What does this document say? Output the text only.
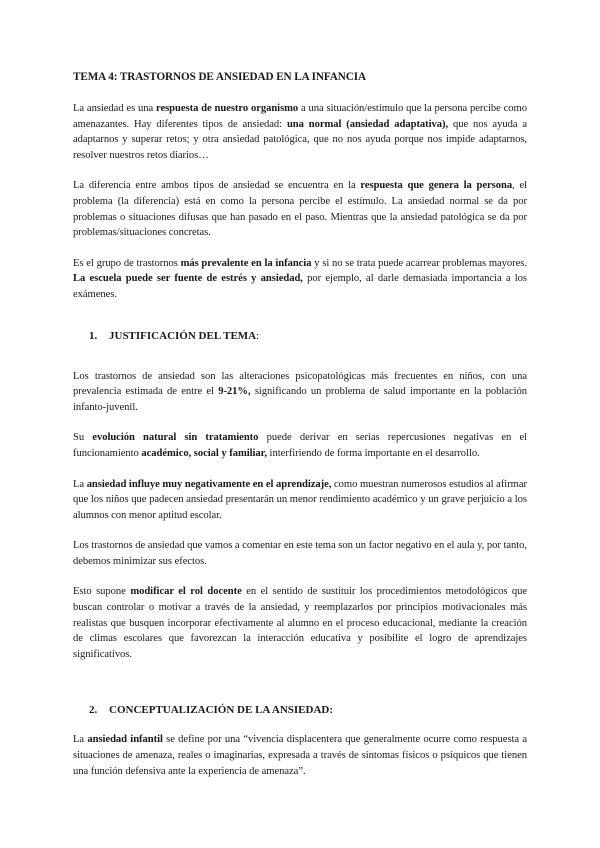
TEMA 4: TRASTORNOS DE ANSIEDAD EN LA INFANCIA

La ansiedad es una respuesta de nuestro organismo a una situación/estímulo que la persona percibe como amenazantes. Hay diferentes tipos de ansiedad: una normal (ansiedad adaptativa), que nos ayuda a adaptarnos y superar retos; y otra ansiedad patológica, que no nos ayuda porque nos impide adaptarnos, resolver nuestros retos diarios…

La diferencia entre ambos tipos de ansiedad se encuentra en la respuesta que genera la persona, el problema (la diferencia) está en como la persona percibe el estímulo. La ansiedad normal se da por problemas o situaciones difusas que han pasado en el paso. Mientras que la ansiedad patológica se da por problemas/situaciones concretas.

Es el grupo de trastornos más prevalente en la infancia y si no se trata puede acarrear problemas mayores. La escuela puede ser fuente de estrés y ansiedad, por ejemplo, al darle demasiada importancia a los exámenes.

1. JUSTIFICACIÓN DEL TEMA:

Los trastornos de ansiedad son las alteraciones psicopatológicas más frecuentes en niños, con una prevalencia estimada de entre el 9-21%, significando un problema de salud importante en la población infanto-juvenil.

Su evolución natural sin tratamiento puede derivar en serias repercusiones negativas en el funcionamiento académico, social y familiar, interfiriendo de forma importante en el desarrollo.

La ansiedad influye muy negativamente en el aprendizaje, como muestran numerosos estudios al afirmar que los niños que padecen ansiedad presentarán un menor rendimiento académico y un grave perjuicio a los alumnos con menor aptitud escolar.

Los trastornos de ansiedad que vamos a comentar en este tema son un factor negativo en el aula y, por tanto, debemos minimizar sus efectos.

Esto supone modificar el rol docente en el sentido de sustituir los procedimientos metodológicos que buscan controlar o motivar a través de la ansiedad, y reemplazarlos por principios motivacionales más realistas que busquen incorporar efectivamente al alumno en el proceso educacional, mediante la creación de climas escolares que favorezcan la interacción educativa y posibilite el logro de aprendizajes significativos.

2. CONCEPTUALIZACIÓN DE LA ANSIEDAD:

La ansiedad infantil se define por una “vivencia displacentera que generalmente ocurre como respuesta a situaciones de amenaza, reales o imaginarias, expresada a través de síntomas físicos o psíquicos que tienen una función defensiva ante la experiencia de amenaza”.
